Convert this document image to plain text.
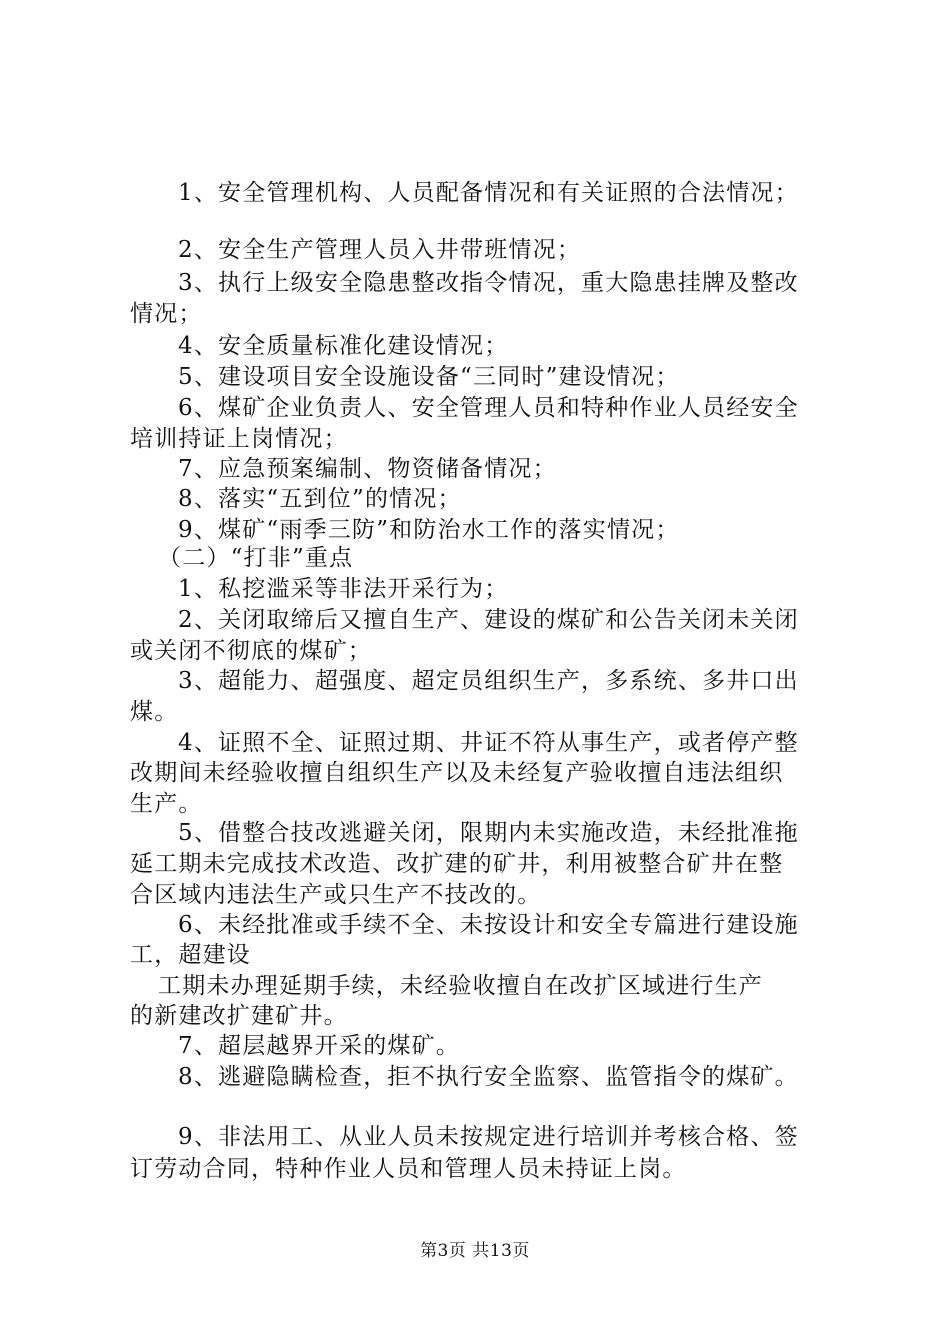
1、安全管理机构、人员配备情况和有关证照的合法情况；
2、安全生产管理人员入井带班情况；
3、执行上级安全隐患整改指令情况，重大隐患挂牌及整改
情况；
4、安全质量标准化建设情况；
5、建设项目安全设施设备“三同时”建设情况；
6、煤矿企业负责人、安全管理人员和特种作业人员经安全
培训持证上岗情况；
7、应急预案编制、物资储备情况；
8、落实“五到位”的情况；
9、煤矿“雨季三防”和防治水工作的落实情况；
（二）“打非”重点
1、私挖滥采等非法开采行为；
2、关闭取缔后又擅自生产、建设的煤矿和公告关闭未关闭
或关闭不彻底的煤矿；
3、超能力、超强度、超定员组织生产，多系统、多井口出
煤。
4、证照不全、证照过期、井证不符从事生产，或者停产整
改期间未经验收擅自组织生产以及未经复产验收擅自违法组织
生产。
5、借整合技改逃避关闭，限期内未实施改造，未经批准拖
延工期未完成技术改造、改扩建的矿井，利用被整合矿井在整
合区域内违法生产或只生产不技改的。
6、未经批准或手续不全、未按设计和安全专篇进行建设施
工，超建设
工期未办理延期手续，未经验收擅自在改扩区域进行生产
的新建改扩建矿井。
7、超层越界开采的煤矿。
8、逃避隐瞒检查，拒不执行安全监察、监管指令的煤矿。
9、非法用工、从业人员未按规定进行培训并考核合格、签
订劳动合同，特种作业人员和管理人员未持证上岗。
第3页 共13页
